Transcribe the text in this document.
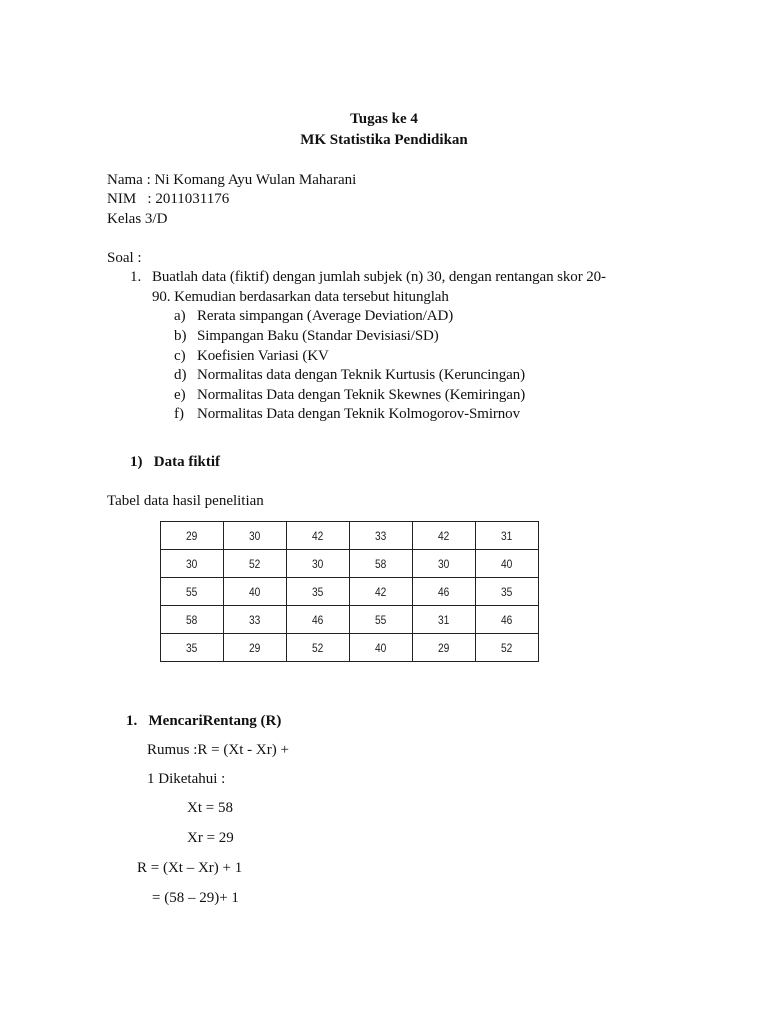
Tugas ke 4
MK Statistika Pendidikan
Nama : Ni Komang Ayu Wulan Maharani
NIM   : 2011031176
Kelas 3/D
Soal :
1. Buatlah data (fiktif) dengan jumlah subjek (n) 30, dengan rentangan skor 20-
90. Kemudian berdasarkan data tersebut hitunglah
a) Rerata simpangan (Average Deviation/AD)
b) Simpangan Baku (Standar Devisiasi/SD)
c) Koefisien Variasi (KV
d) Normalitas data dengan Teknik Kurtusis (Keruncingan)
e) Normalitas Data dengan Teknik Skewnes (Kemiringan)
f) Normalitas Data dengan Teknik Kolmogorov-Smirnov
1)   Data fiktif
Tabel data hasil penelitian
29	30	42	33	42	31
30	52	30	58	30	40
55	40	35	42	46	35
58	33	46	55	31	46
35	29	52	40	29	52
1.   MencariRentang (R)
Rumus :R = (Xt - Xr) +
1 Diketahui :
Xt = 58
Xr = 29
R = (Xt – Xr) + 1
= (58 – 29)+ 1
